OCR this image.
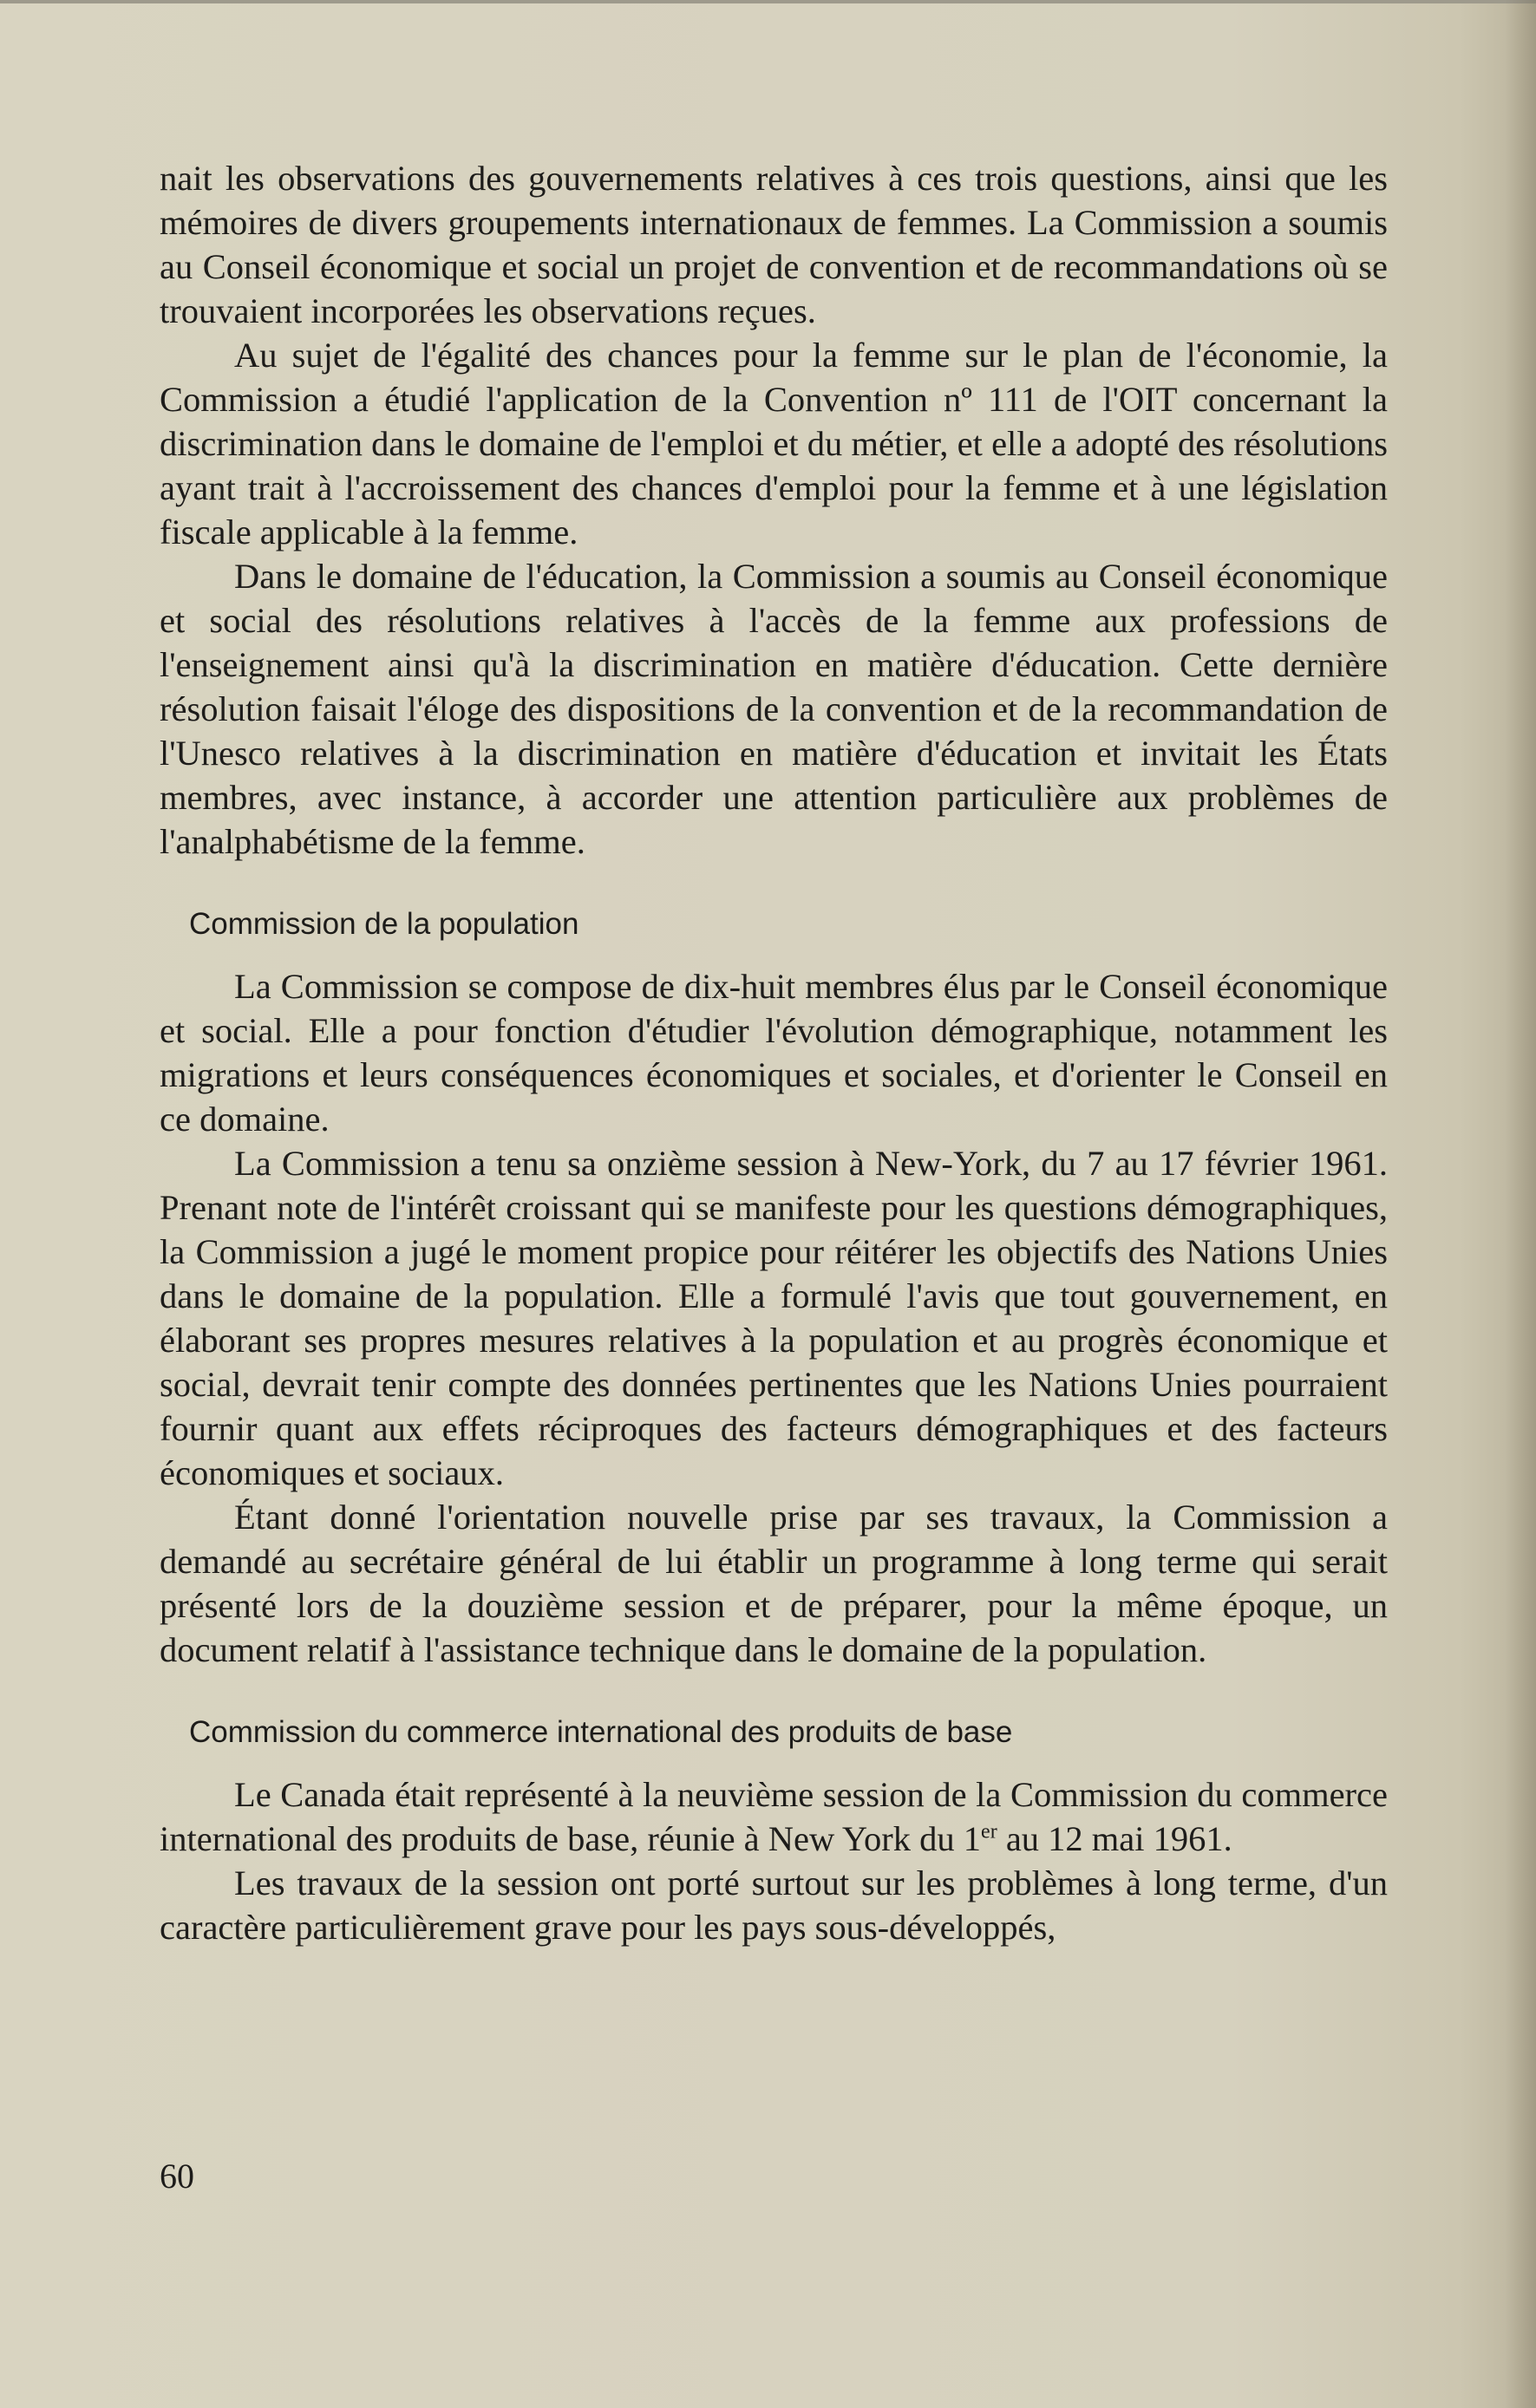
nait les observations des gouvernements relatives à ces trois questions, ainsi que les mémoires de divers groupements internationaux de femmes. La Commission a soumis au Conseil économique et social un projet de convention et de recommandations où se trouvaient incorporées les observations reçues.

Au sujet de l'égalité des chances pour la femme sur le plan de l'économie, la Commission a étudié l'application de la Convention nº 111 de l'OIT concernant la discrimination dans le domaine de l'emploi et du métier, et elle a adopté des résolutions ayant trait à l'accroissement des chances d'emploi pour la femme et à une législation fiscale applicable à la femme.

Dans le domaine de l'éducation, la Commission a soumis au Conseil économique et social des résolutions relatives à l'accès de la femme aux professions de l'enseignement ainsi qu'à la discrimination en matière d'éducation. Cette dernière résolution faisait l'éloge des dispositions de la convention et de la recommandation de l'Unesco relatives à la discrimination en matière d'éducation et invitait les États membres, avec instance, à accorder une attention particulière aux problèmes de l'analphabétisme de la femme.

Commission de la population

La Commission se compose de dix-huit membres élus par le Conseil économique et social. Elle a pour fonction d'étudier l'évolution démographique, notamment les migrations et leurs conséquences économiques et sociales, et d'orienter le Conseil en ce domaine.

La Commission a tenu sa onzième session à New-York, du 7 au 17 février 1961. Prenant note de l'intérêt croissant qui se manifeste pour les questions démographiques, la Commission a jugé le moment propice pour réitérer les objectifs des Nations Unies dans le domaine de la population. Elle a formulé l'avis que tout gouvernement, en élaborant ses propres mesures relatives à la population et au progrès économique et social, devrait tenir compte des données pertinentes que les Nations Unies pourraient fournir quant aux effets réciproques des facteurs démographiques et des facteurs économiques et sociaux.

Étant donné l'orientation nouvelle prise par ses travaux, la Commission a demandé au secrétaire général de lui établir un programme à long terme qui serait présenté lors de la douzième session et de préparer, pour la même époque, un document relatif à l'assistance technique dans le domaine de la population.

Commission du commerce international des produits de base

Le Canada était représenté à la neuvième session de la Commission du commerce international des produits de base, réunie à New York du 1er au 12 mai 1961.

Les travaux de la session ont porté surtout sur les problèmes à long terme, d'un caractère particulièrement grave pour les pays sous-développés,

60
